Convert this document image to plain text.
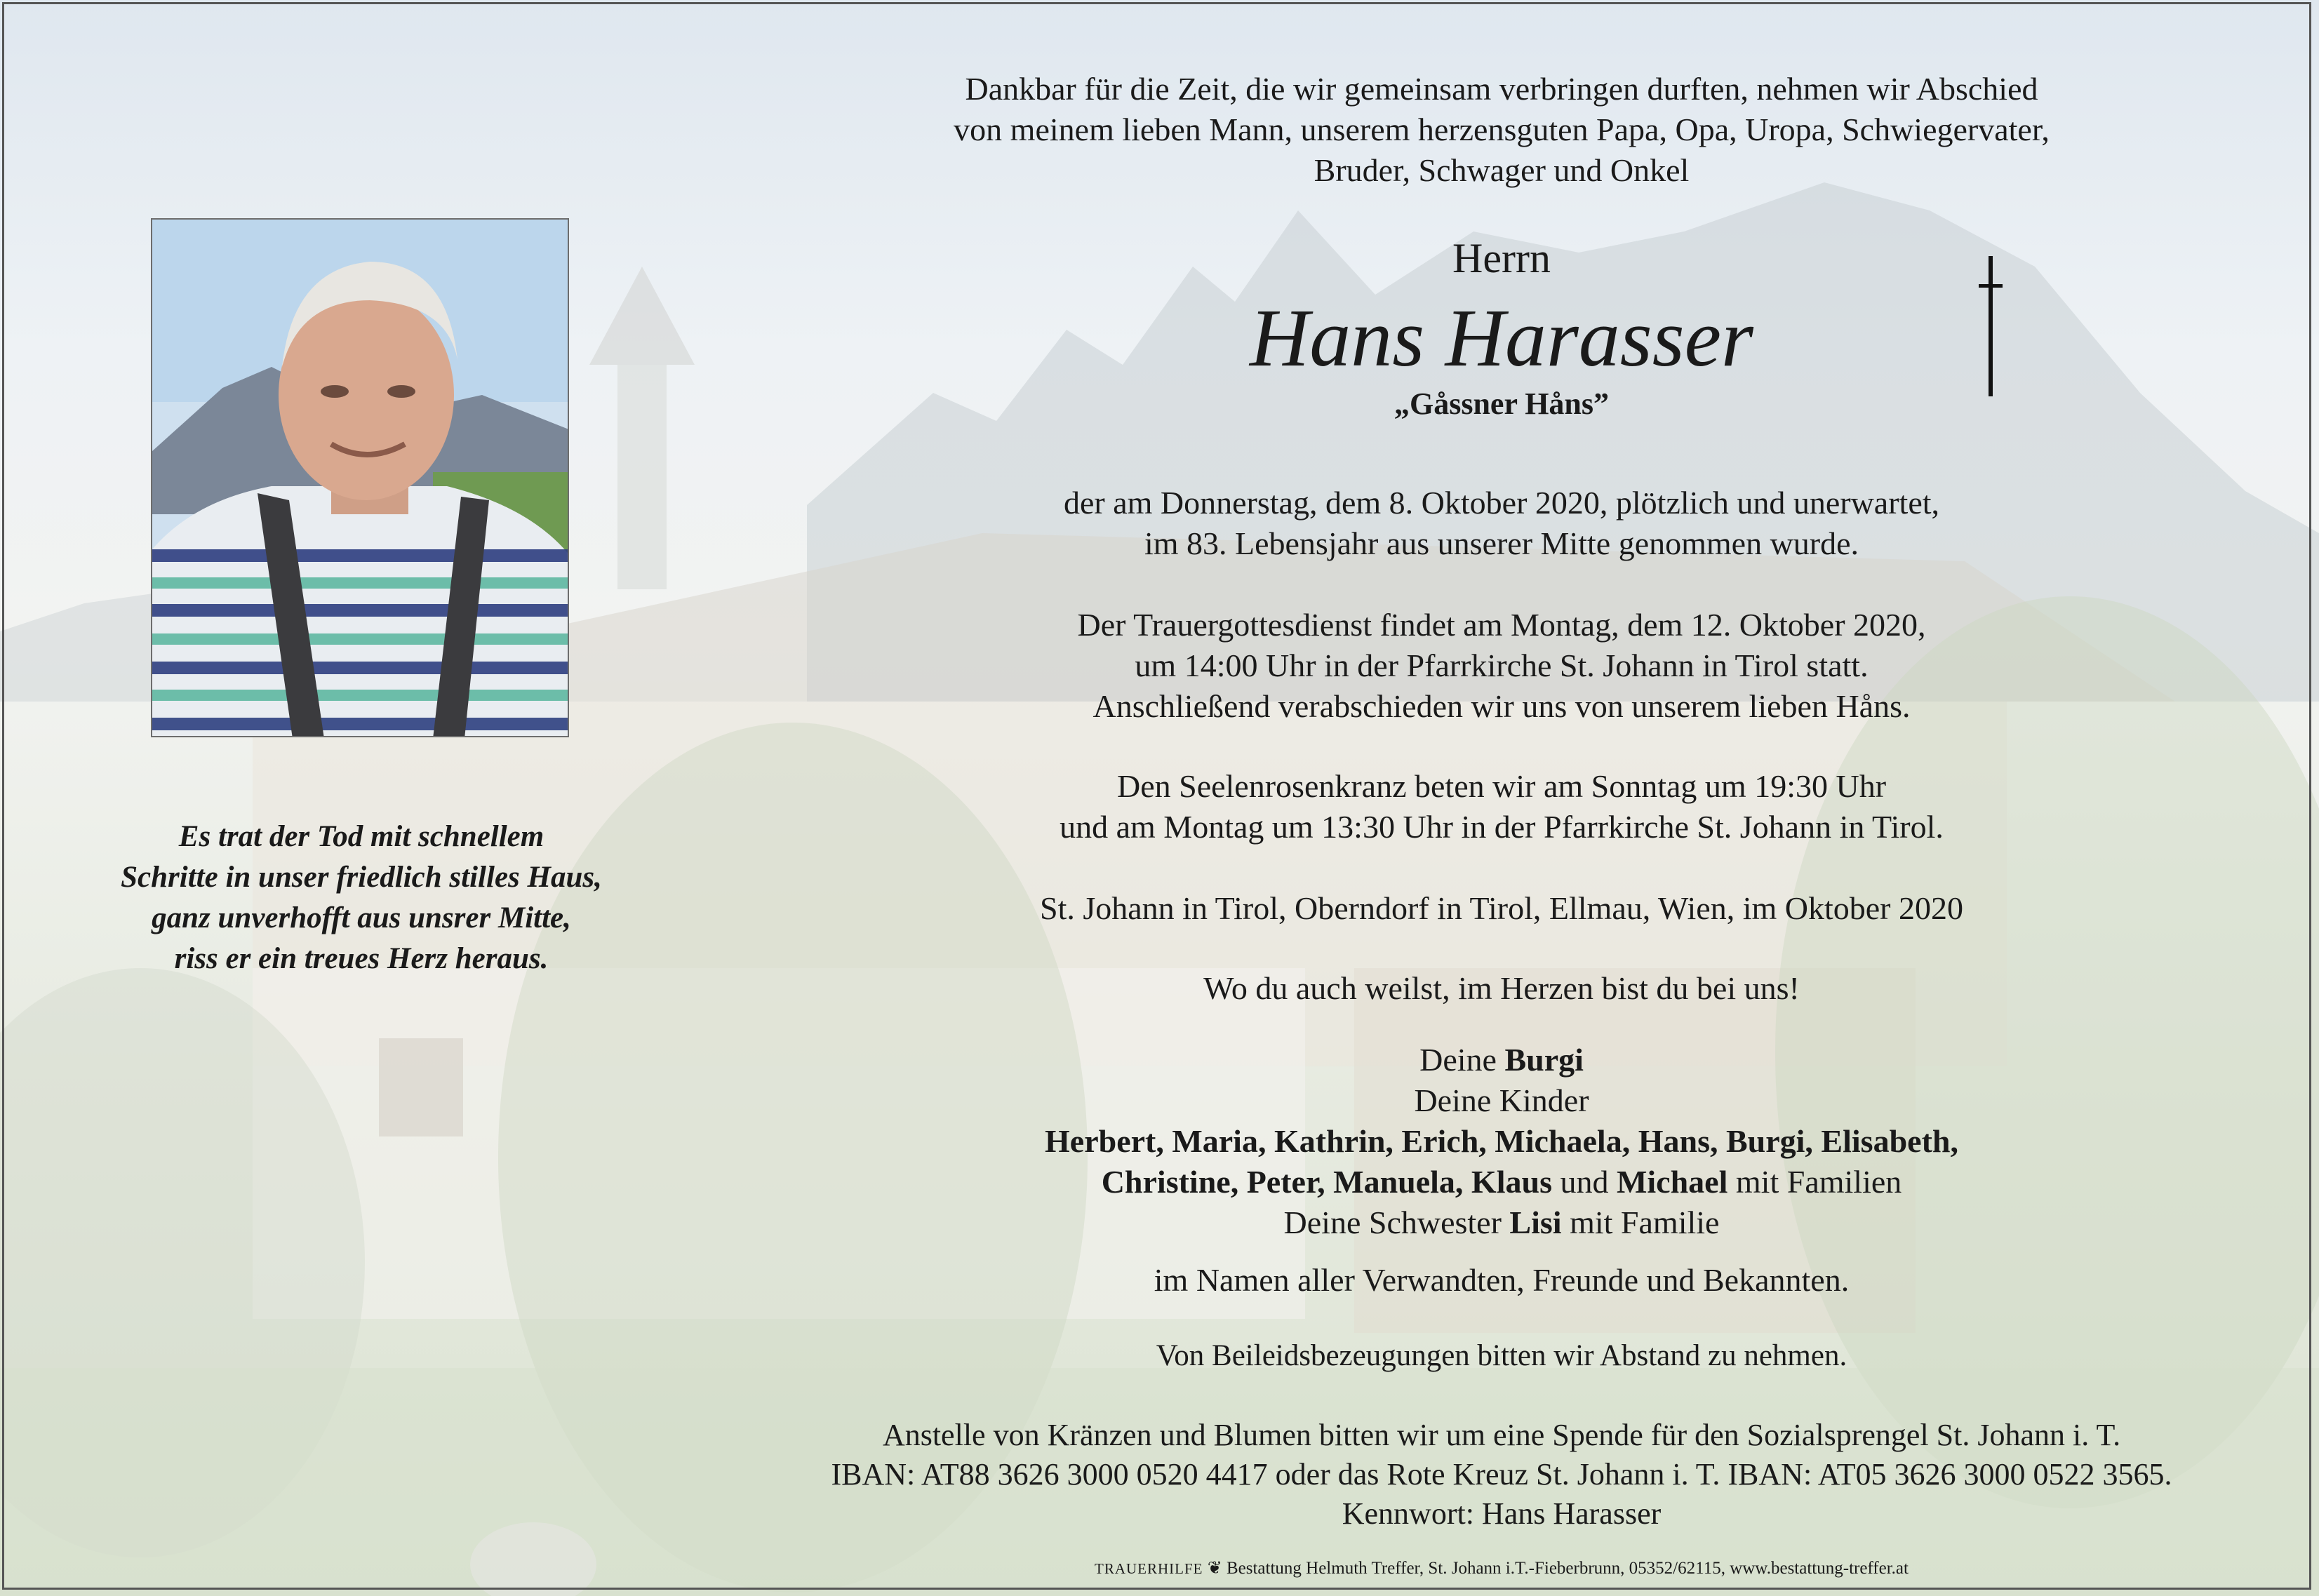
Es trat der Tod mit schnellem
Schritte in unser friedlich stilles Haus,
ganz unverhofft aus unsrer Mitte,
riss er ein treues Herz heraus.
Dankbar für die Zeit, die wir gemeinsam verbringen durften, nehmen wir Abschied
von meinem lieben Mann, unserem herzensguten Papa, Opa, Uropa, Schwiegervater,
Bruder, Schwager und Onkel
Herrn
Hans Harasser
„Gåssner Håns”
der am Donnerstag, dem 8. Oktober 2020, plötzlich und unerwartet,
im 83. Lebensjahr aus unserer Mitte genommen wurde.
Der Trauergottesdienst findet am Montag, dem 12. Oktober 2020,
um 14:00 Uhr in der Pfarrkirche St. Johann in Tirol statt.
Anschließend verabschieden wir uns von unserem lieben Håns.
Den Seelenrosenkranz beten wir am Sonntag um 19:30 Uhr
und am Montag um 13:30 Uhr in der Pfarrkirche St. Johann in Tirol.
St. Johann in Tirol, Oberndorf in Tirol, Ellmau, Wien, im Oktober 2020
Wo du auch weilst, im Herzen bist du bei uns!
Deine Burgi
Deine Kinder
Herbert, Maria, Kathrin, Erich, Michaela, Hans, Burgi, Elisabeth,
Christine, Peter, Manuela, Klaus und Michael mit Familien
Deine Schwester Lisi mit Familie
im Namen aller Verwandten, Freunde und Bekannten.
Von Beileidsbezeugungen bitten wir Abstand zu nehmen.
Anstelle von Kränzen und Blumen bitten wir um eine Spende für den Sozialsprengel St. Johann i. T.
IBAN: AT88 3626 3000 0520 4417 oder das Rote Kreuz St. Johann i. T. IBAN: AT05 3626 3000 0522 3565.
Kennwort: Hans Harasser
TRAUERHILFE ❦ Bestattung Helmuth Treffer, St. Johann i.T.-Fieberbrunn, 05352/62115, www.bestattung-treffer.at
